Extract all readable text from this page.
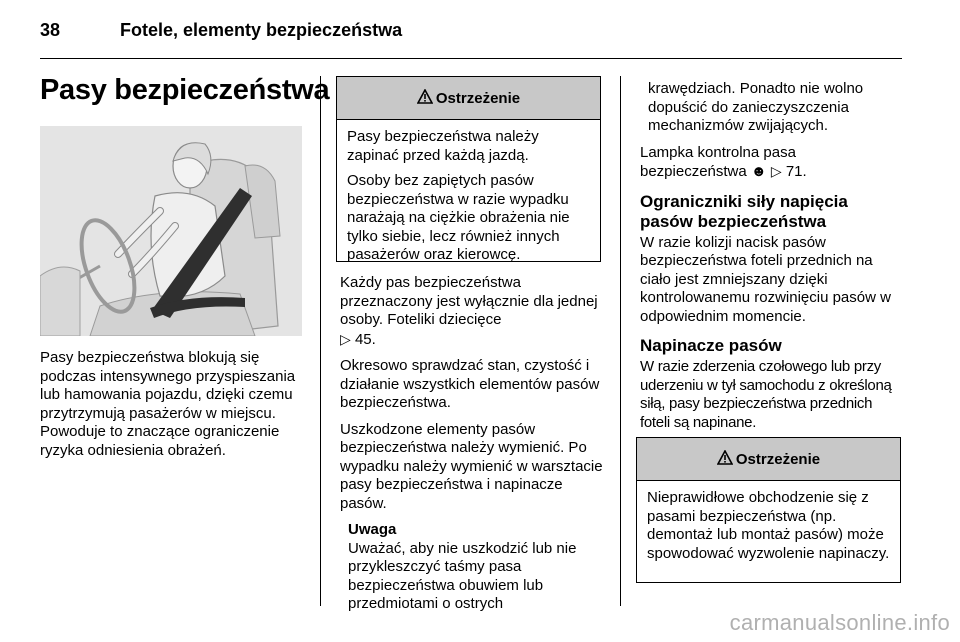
38	Fotele, elementy bezpieczeństwa
Pasy bezpieczeństwa

Pasy bezpieczeństwa blokują się podczas intensywnego przyspieszania lub hamowania pojazdu, dzięki czemu przytrzymują pasażerów w miejscu. Powoduje to znaczące ograniczenie ryzyka odniesienia obrażeń.

Ostrzeżenie

Pasy bezpieczeństwa należy zapinać przed każdą jazdą.

Osoby bez zapiętych pasów bezpieczeństwa w razie wypadku narażają na ciężkie obrażenia nie tylko siebie, lecz również innych pasażerów oraz kierowcę.

Każdy pas bezpieczeństwa przeznaczony jest wyłącznie dla jednej osoby. Foteliki dziecięce
▷ 45.

Okresowo sprawdzać stan, czystość i działanie wszystkich elementów pasów bezpieczeństwa.

Uszkodzone elementy pasów bezpieczeństwa należy wymienić. Po wypadku należy wymienić w warsztacie pasy bezpieczeństwa i napinacze pasów.

Uwaga
Uważać, aby nie uszkodzić lub nie przykleszczyć taśmy pasa bezpieczeństwa obuwiem lub przedmiotami o ostrych
krawędziach. Ponadto nie wolno dopuścić do zanieczyszczenia mechanizmów zwijających.

Lampka kontrolna pasa bezpieczeństwa ☻ ▷ 71.

Ograniczniki siły napięcia pasów bezpieczeństwa

W razie kolizji nacisk pasów bezpieczeństwa foteli przednich na ciało jest zmniejszany dzięki kontrolowanemu rozwinięciu pasów w odpowiednim momencie.

Napinacze pasów

W razie zderzenia czołowego lub przy uderzeniu w tył samochodu z określoną siłą, pasy bezpieczeństwa przednich foteli są napinane.

Ostrzeżenie

Nieprawidłowe obchodzenie się z pasami bezpieczeństwa (np. demontaż lub montaż pasów) może spowodować wyzwolenie napinaczy.

carmanualsonline.info
